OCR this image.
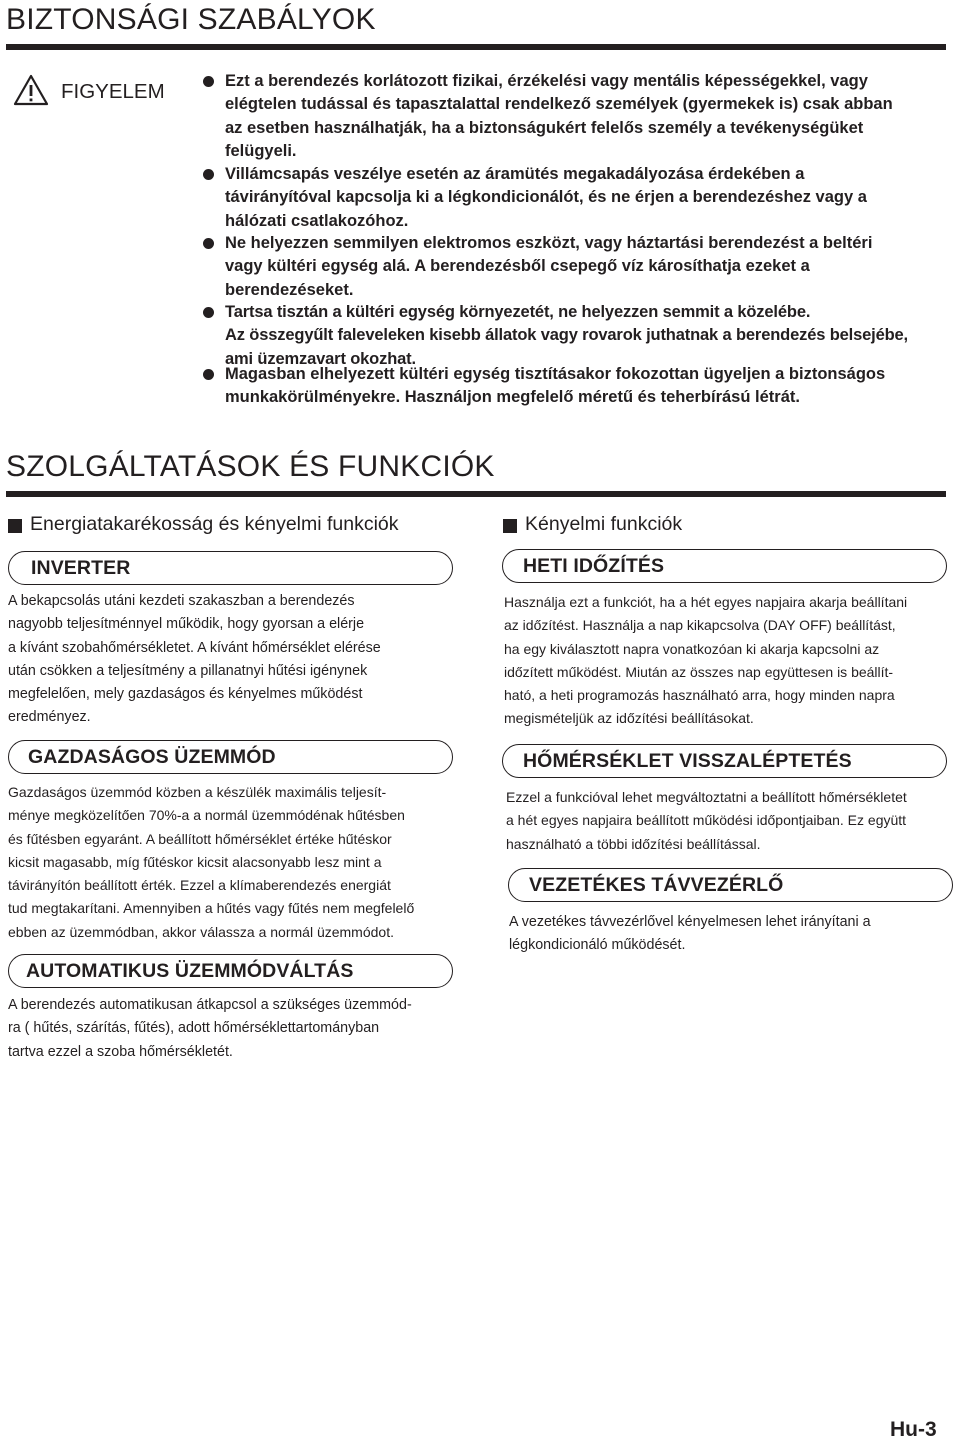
BIZTONSÁGI SZABÁLYOK
FIGYELEM	Ezt a berendezés korlátozott fizikai, érzékelési vagy mentális képességekkel, vagy
elégtelen tudással és tapasztalattal rendelkező személyek (gyermekek is) csak abban
az esetben használhatják, ha a biztonságukért felelős személy a tevékenységüket
felügyeli.
Villámcsapás veszélye esetén az áramütés megakadályozása érdekében a
távirányítóval kapcsolja ki a légkondicionálót, és ne érjen a berendezéshez vagy a
hálózati csatlakozóhoz.
Ne helyezzen semmilyen elektromos eszközt, vagy háztartási berendezést a beltéri
vagy kültéri egység alá. A berendezésből csepegő víz károsíthatja ezeket a
berendezéseket.
Tartsa tisztán a kültéri egység környezetét, ne helyezzen semmit a közelébe.
Az összegyűlt faleveleken kisebb állatok vagy rovarok juthatnak a berendezés belsejébe,
ami üzemzavart okozhat.
Magasban elhelyezett kültéri egység tisztításakor fokozottan ügyeljen a biztonságos
munkakörülményekre. Használjon megfelelő méretű és teherbírású létrát.
SZOLGÁLTATÁSOK ÉS FUNKCIÓK
Energiatakarékosság és kényelmi funkciók	Kényelmi funkciók
INVERTER
A bekapcsolás utáni kezdeti szakaszban a berendezés
nagyobb teljesítménnyel működik, hogy gyorsan a elérje
a kívánt szobahőmérsékletet. A kívánt hőmérséklet elérése
után csökken a teljesítmény a pillanatnyi hűtési igénynek
megfelelően, mely gazdaságos és kényelmes működést
eredményez.
GAZDASÁGOS ÜZEMMÓD
Gazdaságos üzemmód közben a készülék maximális teljesít-
ménye megközelítően 70%-a a normál üzemmódénak hűtésben
és fűtésben egyaránt. A beállított hőmérséklet értéke hűtéskor
kicsit magasabb, míg fűtéskor kicsit alacsonyabb lesz mint a
távirányítón beállított érték. Ezzel a klímaberendezés energiát
tud megtakarítani. Amennyiben a hűtés vagy fűtés nem megfelelő
ebben az üzemmódban, akkor válassza a normál üzemmódot.
AUTOMATIKUS ÜZEMMÓDVÁLTÁS
A berendezés automatikusan átkapcsol a szükséges üzemmód-
ra ( hűtés, szárítás, fűtés), adott hőmérséklettartományban
tartva ezzel a szoba hőmérsékletét.
HETI IDŐZÍTÉS
Használja ezt a funkciót, ha a hét egyes napjaira akarja beállítani
az időzítést. Használja a nap kikapcsolva (DAY OFF) beállítást,
ha egy kiválasztott napra vonatkozóan ki akarja kapcsolni az
időzített működést. Miután az összes nap együttesen is beállít-
ható, a heti programozás használható arra, hogy minden napra
megismételjük az időzítési beállításokat.
HŐMÉRSÉKLET VISSZALÉPTETÉS
Ezzel a funkcióval lehet megváltoztatni a beállított hőmérsékletet
a hét egyes napjaira beállított működési időpontjaiban. Ez együtt
használható a többi időzítési beállítással.
VEZETÉKES TÁVVEZÉRLŐ
A vezetékes távvezérlővel kényelmesen lehet irányítani a
légkondicionáló működését.
Hu-3
